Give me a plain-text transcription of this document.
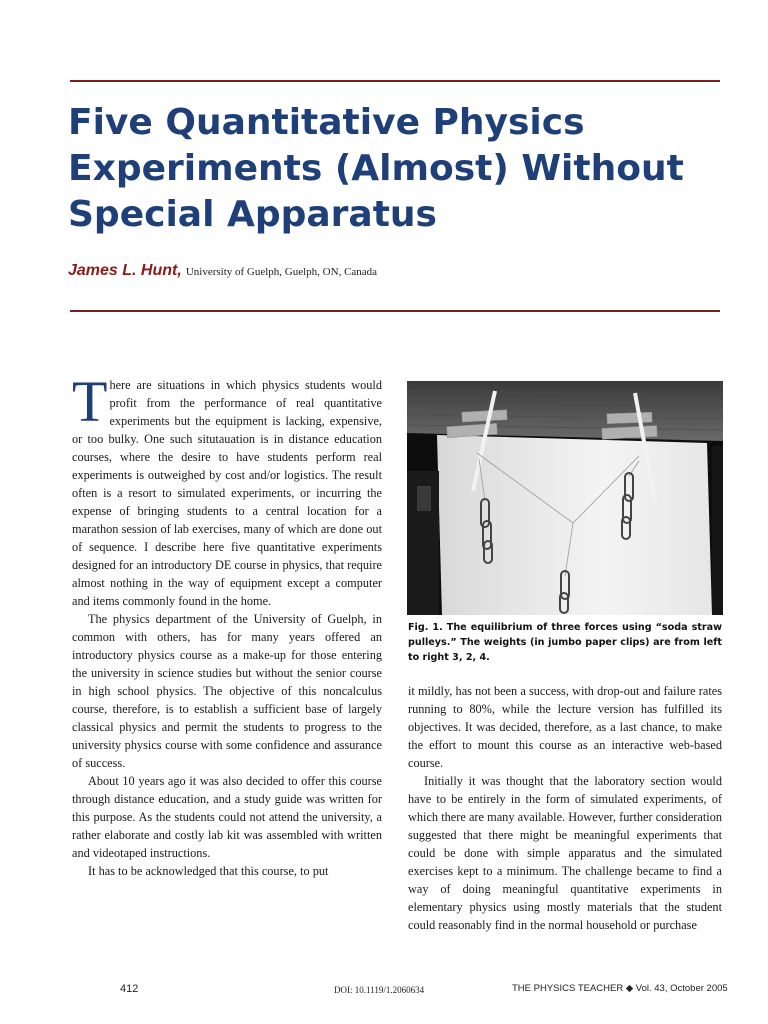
Five Quantitative Physics Experiments (Almost) Without Special Apparatus
James L. Hunt, University of Guelph, Guelph, ON, Canada
T here are situations in which physics students would profit from the performance of real quantitative experiments but the equipment is lacking, expensive, or too bulky. One such situtauation is in distance education courses, where the desire to have students perform real experiments is outweighed by cost and/or logistics. The result often is a resort to simulated experiments, or incurring the expense of bringing students to a central location for a marathon session of lab exercises, many of which are done out of sequence. I describe here five quantitative experiments designed for an introductory DE course in physics, that require almost nothing in the way of equipment except a computer and items commonly found in the home.

The physics department of the University of Guelph, in common with others, has for many years offered an introductory physics course as a make-up for those entering the university in science studies but without the senior course in high school physics. The objective of this noncalculus course, therefore, is to establish a sufficient base of largely classical physics and permit the students to progress to the university physics course with some confidence and assurance of success.

About 10 years ago it was also decided to offer this course through distance education, and a study guide was written for this purpose. As the students could not attend the university, a rather elaborate and costly lab kit was assembled with written and videotaped instructions.

It has to be acknowledged that this course, to put

Fig. 1. The equilibrium of three forces using “soda straw pulleys.” The weights (in jumbo paper clips) are from left to right 3, 2, 4.

it mildly, has not been a success, with drop-out and failure rates running to 80%, while the lecture version has fulfilled its objectives. It was decided, therefore, as a last chance, to make the effort to mount this course as an interactive web-based course.

Initially it was thought that the laboratory section would have to be entirely in the form of simulated experiments, of which there are many available. However, further consideration suggested that there might be meaningful experiments that could be done with simple apparatus and the simulated exercises kept to a minimum. The challenge became to find a way of doing meaningful quantitative experiments in elementary physics using mostly materials that the student could reasonably find in the normal household or purchase

412	DOI: 10.1119/1.2060634	THE PHYSICS TEACHER ◆ Vol. 43, October 2005
